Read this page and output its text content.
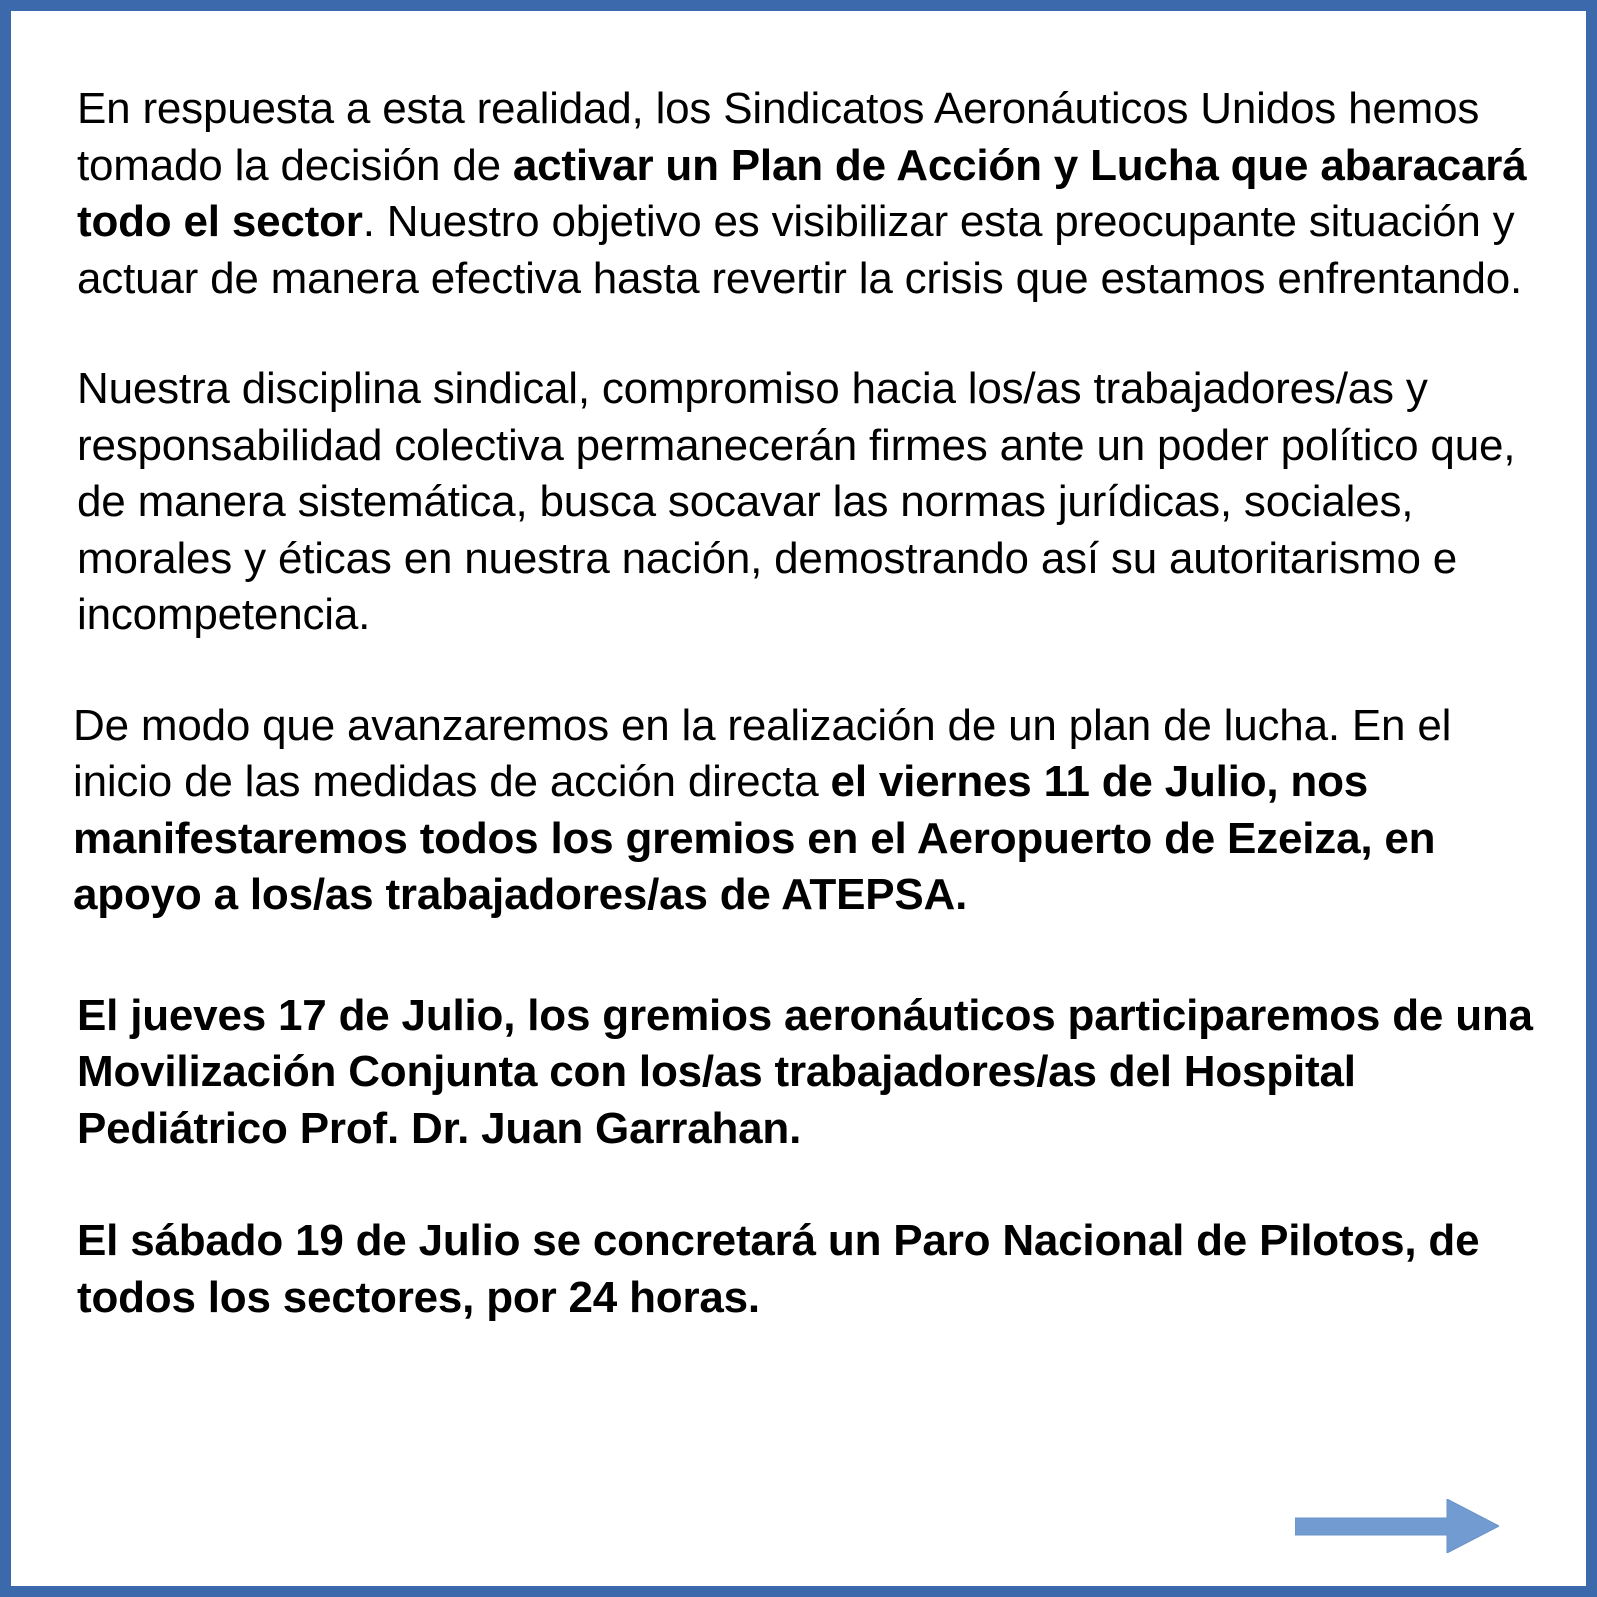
En respuesta a esta realidad, los Sindicatos Aeronáuticos Unidos hemos tomado la decisión de activar un Plan de Acción y Lucha que abaracará todo el sector. Nuestro objetivo es visibilizar esta preocupante situación y actuar de manera efectiva hasta revertir la crisis que estamos enfrentando.

Nuestra disciplina sindical, compromiso hacia los/as trabajadores/as y responsabilidad colectiva permanecerán firmes ante un poder político que, de manera sistemática, busca socavar las normas jurídicas, sociales, morales y éticas en nuestra nación, demostrando así su autoritarismo e incompetencia.

De modo que avanzaremos en la realización de un plan de lucha. En el inicio de las medidas de acción directa el viernes 11 de Julio, nos manifestaremos todos los gremios en el Aeropuerto de Ezeiza, en apoyo a los/as trabajadores/as de ATEPSA.

El jueves 17 de Julio, los gremios aeronáuticos participaremos de una Movilización Conjunta con los/as trabajadores/as del Hospital Pediátrico Prof. Dr. Juan Garrahan.

El sábado 19 de Julio se concretará un Paro Nacional de Pilotos, de todos los sectores, por 24 horas.
